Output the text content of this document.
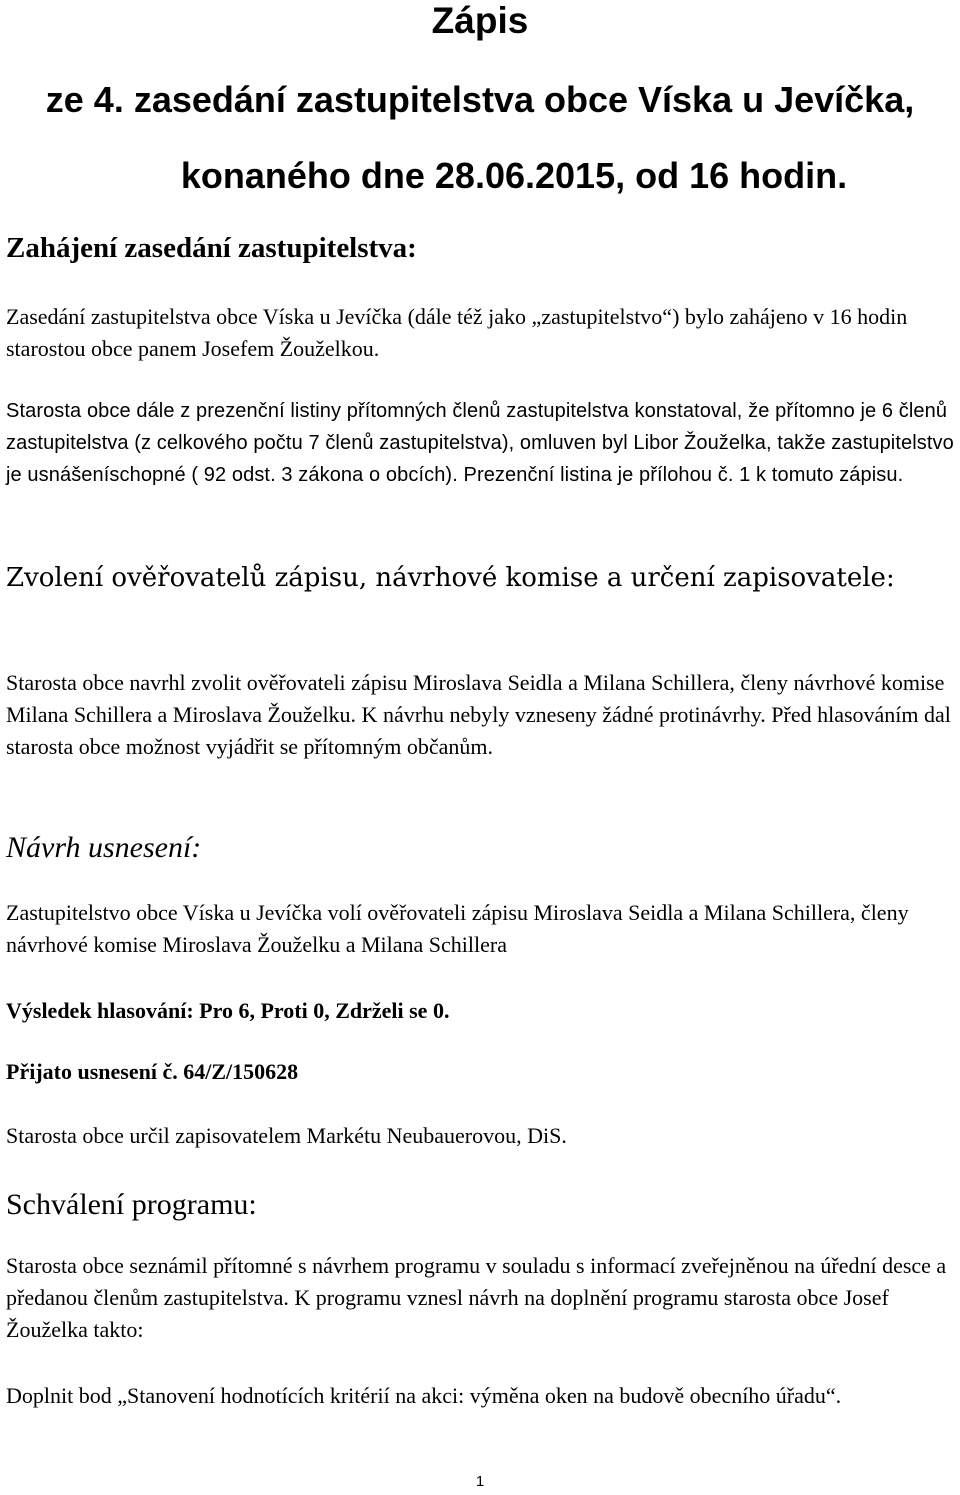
Zápis
ze 4. zasedání zastupitelstva obce Víska u Jevíčka,
konaného dne 28.06.2015, od 16 hodin.
Zahájení zasedání zastupitelstva:
Zasedání zastupitelstva obce Víska u Jevíčka (dále též jako „zastupitelstvo“) bylo zahájeno v 16 hodin starostou obce panem Josefem Žouželkou.
Starosta obce dále z prezenční listiny přítomných členů zastupitelstva konstatoval, že přítomno je 6 členů zastupitelstva (z celkového počtu 7 členů zastupitelstva), omluven byl Libor Žouželka, takže zastupitelstvo je usnášeníschopné ( 92 odst. 3 zákona o obcích). Prezenční listina je přílohou č. 1 k tomuto zápisu.
Zvolení ověřovatelů zápisu, návrhové komise a určení zapisovatele:
Starosta obce navrhl zvolit ověřovateli zápisu Miroslava Seidla a Milana Schillera, členy návrhové komise Milana Schillera a Miroslava Žouželku. K návrhu nebyly vzneseny žádné protinávrhy. Před hlasováním dal starosta obce možnost vyjádřit se přítomným občanům.
Návrh usnesení:
Zastupitelstvo obce Víska u Jevíčka volí ověřovateli zápisu Miroslava Seidla a Milana Schillera, členy návrhové komise Miroslava Žouželku a Milana Schillera
Výsledek hlasování: Pro 6, Proti 0, Zdrželi se 0.
Přijato usnesení č. 64/Z/150628
Starosta obce určil zapisovatelem Markétu Neubauerovou, DiS.
Schválení programu:
Starosta obce seznámil přítomné s návrhem programu v souladu s informací zveřejněnou na úřední desce a předanou členům zastupitelstva. K programu vznesl návrh na doplnění programu starosta obce Josef Žouželka takto:
Doplnit bod „Stanovení hodnotících kritérií na akci: výměna oken na budově obecního úřadu“.
1
